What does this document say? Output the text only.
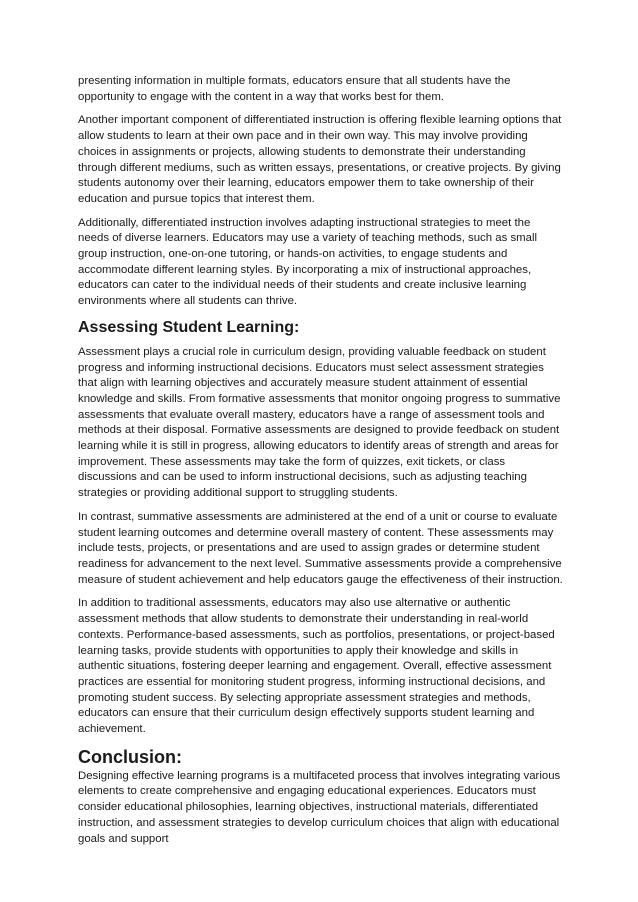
presenting information in multiple formats, educators ensure that all students have the opportunity to engage with the content in a way that works best for them.

Another important component of differentiated instruction is offering flexible learning options that allow students to learn at their own pace and in their own way. This may involve providing choices in assignments or projects, allowing students to demonstrate their understanding through different mediums, such as written essays, presentations, or creative projects. By giving students autonomy over their learning, educators empower them to take ownership of their education and pursue topics that interest them.

Additionally, differentiated instruction involves adapting instructional strategies to meet the needs of diverse learners. Educators may use a variety of teaching methods, such as small group instruction, one-on-one tutoring, or hands-on activities, to engage students and accommodate different learning styles. By incorporating a mix of instructional approaches, educators can cater to the individual needs of their students and create inclusive learning environments where all students can thrive.

Assessing Student Learning:

Assessment plays a crucial role in curriculum design, providing valuable feedback on student progress and informing instructional decisions. Educators must select assessment strategies that align with learning objectives and accurately measure student attainment of essential knowledge and skills. From formative assessments that monitor ongoing progress to summative assessments that evaluate overall mastery, educators have a range of assessment tools and methods at their disposal. Formative assessments are designed to provide feedback on student learning while it is still in progress, allowing educators to identify areas of strength and areas for improvement. These assessments may take the form of quizzes, exit tickets, or class discussions and can be used to inform instructional decisions, such as adjusting teaching strategies or providing additional support to struggling students.

In contrast, summative assessments are administered at the end of a unit or course to evaluate student learning outcomes and determine overall mastery of content. These assessments may include tests, projects, or presentations and are used to assign grades or determine student readiness for advancement to the next level. Summative assessments provide a comprehensive measure of student achievement and help educators gauge the effectiveness of their instruction.

In addition to traditional assessments, educators may also use alternative or authentic assessment methods that allow students to demonstrate their understanding in real-world contexts. Performance-based assessments, such as portfolios, presentations, or project-based learning tasks, provide students with opportunities to apply their knowledge and skills in authentic situations, fostering deeper learning and engagement. Overall, effective assessment practices are essential for monitoring student progress, informing instructional decisions, and promoting student success. By selecting appropriate assessment strategies and methods, educators can ensure that their curriculum design effectively supports student learning and achievement.

Conclusion:

Designing effective learning programs is a multifaceted process that involves integrating various elements to create comprehensive and engaging educational experiences. Educators must consider educational philosophies, learning objectives, instructional materials, differentiated instruction, and assessment strategies to develop curriculum choices that align with educational goals and support
